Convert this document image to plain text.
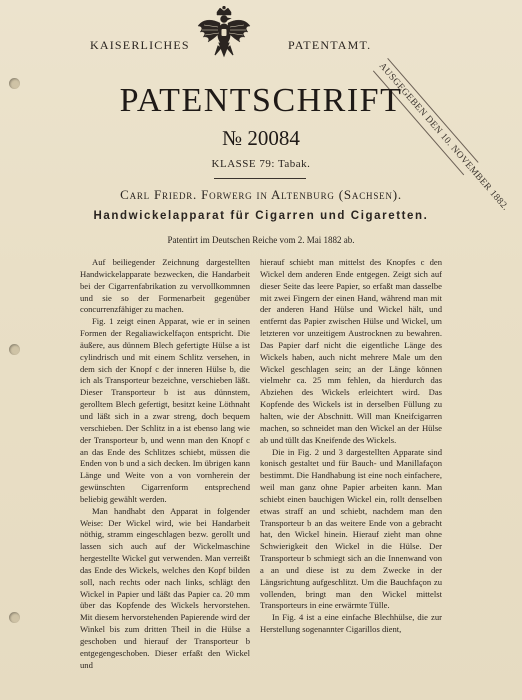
KAISERLICHES	PATENTAMT.
AUSGEGEBEN DEN 10. NOVEMBER 1882.
PATENTSCHRIFT
№ 20084
KLASSE 79: Tabak.
Carl Friedr. Forwerg in Altenburg (Sachsen).
Handwickelapparat für Cigarren und Cigaretten.
Patentirt im Deutschen Reiche vom 2. Mai 1882 ab.

Auf beiliegender Zeichnung dargestellten Handwickelapparate bezwecken, die Handarbeit bei der Cigarrenfabrikation zu vervollkommnen und sie so der Formenarbeit gegenüber concurrenzfähiger zu machen.

Fig. 1 zeigt einen Apparat, wie er in seinen Formen der Regaliawickelfaçon entspricht. Die äußere, aus dünnem Blech gefertigte Hülse a ist cylindrisch und mit einem Schlitz versehen, in dem sich der Knopf c der inneren Hülse b, die ich als Transporteur bezeichne, verschieben läßt. Dieser Transporteur b ist aus dünnstem, gerolltem Blech gefertigt, besitzt keine Löthnaht und läßt sich in a zwar streng, doch bequem verschieben. Der Schlitz in a ist ebenso lang wie der Transporteur b, und wenn man den Knopf c an das Ende des Schlitzes schiebt, müssen die Enden von b und a sich decken. Im übrigen kann Länge und Weite von a von vornherein der gewünschten Cigarrenform entsprechend beliebig gewählt werden.

Man handhabt den Apparat in folgender Weise: Der Wickel wird, wie bei Handarbeit nöthig, stramm eingeschlagen bezw. gerollt und lassen sich auch auf der Wickelmaschine hergestellte Wickel gut verwenden. Man verreißt das Ende des Wickels, welches den Kopf bilden soll, nach rechts oder nach links, schlägt den Wickel in Papier und läßt das Papier ca. 20 mm über das Kopfende des Wickels hervorstehen. Mit diesem hervorstehenden Papierende wird der Winkel bis zum dritten Theil in die Hülse a geschoben und hierauf der Transporteur b entgegengeschoben. Dieser erfaßt den Wickel und

hierauf schiebt man mittelst des Knopfes c den Wickel dem anderen Ende entgegen. Zeigt sich auf dieser Seite das leere Papier, so erfaßt man dasselbe mit zwei Fingern der einen Hand, während man mit der anderen Hand Hülse und Wickel hält, und entfernt das Papier zwischen Hülse und Wickel, um letzteren vor unzeitigem Austrocknen zu bewahren. Das Papier darf nicht die eigentliche Länge des Wickels haben, auch nicht mehrere Male um den Wickel geschlagen sein; an der Länge können vielmehr ca. 25 mm fehlen, da hierdurch das Abziehen des Wickels erleichtert wird. Das Kopfende des Wickels ist in derselben Füllung zu halten, wie der Abschnitt. Will man Kneifcigarren machen, so schneidet man den Wickel an der Hülse ab und tüllt das Kneifende des Wickels.

Die in Fig. 2 und 3 dargestellten Apparate sind konisch gestaltet und für Bauch- und Manillafaçon bestimmt. Die Handhabung ist eine noch einfachere, weil man ganz ohne Papier arbeiten kann. Man schiebt einen bauchigen Wickel ein, rollt denselben etwas straff an und schiebt, nachdem man den Transporteur b an das weitere Ende von a gebracht hat, den Wickel hinein. Hierauf zieht man ohne Schwierigkeit den Wickel in die Hülse. Der Transporteur b schmiegt sich an die Innenwand von a an und diese ist zu dem Zwecke in der Längsrichtung aufgeschlitzt. Um die Bauchfaçon zu vollenden, bringt man den Wickel mittelst Transporteurs in eine erwärmte Tülle.

In Fig. 4 ist a eine einfache Blechhülse, die zur Herstellung sogenannter Cigarillos dient,
